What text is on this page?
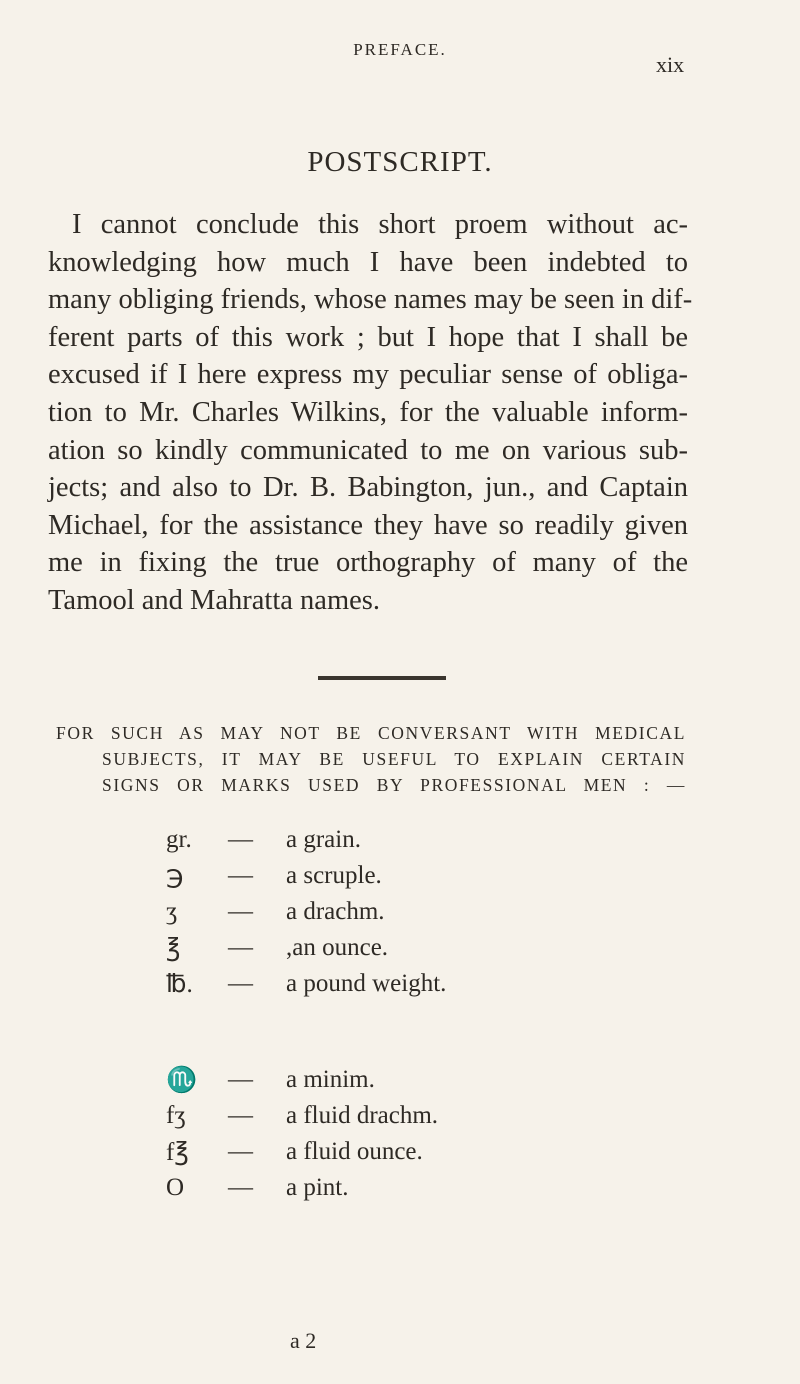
PREFACE.
xix
POSTSCRIPT.
I cannot conclude this short proem without ac-
knowledging how much I have been indebted to
many obliging friends, whose names may be seen in dif-
ferent parts of this work ; but I hope that I shall be
excused if I here express my peculiar sense of obliga-
tion to Mr. Charles Wilkins, for the valuable inform-
ation so kindly communicated to me on various sub-
jects; and also to Dr. B. Babington, jun., and Captain
Michael, for the assistance they have so readily given
me in fixing the true orthography of many of the
Tamool and Mahratta names.
FOR SUCH AS MAY NOT BE CONVERSANT WITH MEDICAL
SUBJECTS, IT MAY BE USEFUL TO EXPLAIN CERTAIN
SIGNS OR MARKS USED BY PROFESSIONAL MEN : —
gr.	—	a grain.
℈	—	a scruple.
ʒ	—	a drachm.
℥	—	,an ounce.
℔.	—	a pound weight.
♏	—	a minim.
fʒ	—	a fluid drachm.
f℥	—	a fluid ounce.
O	—	a pint.
a 2
